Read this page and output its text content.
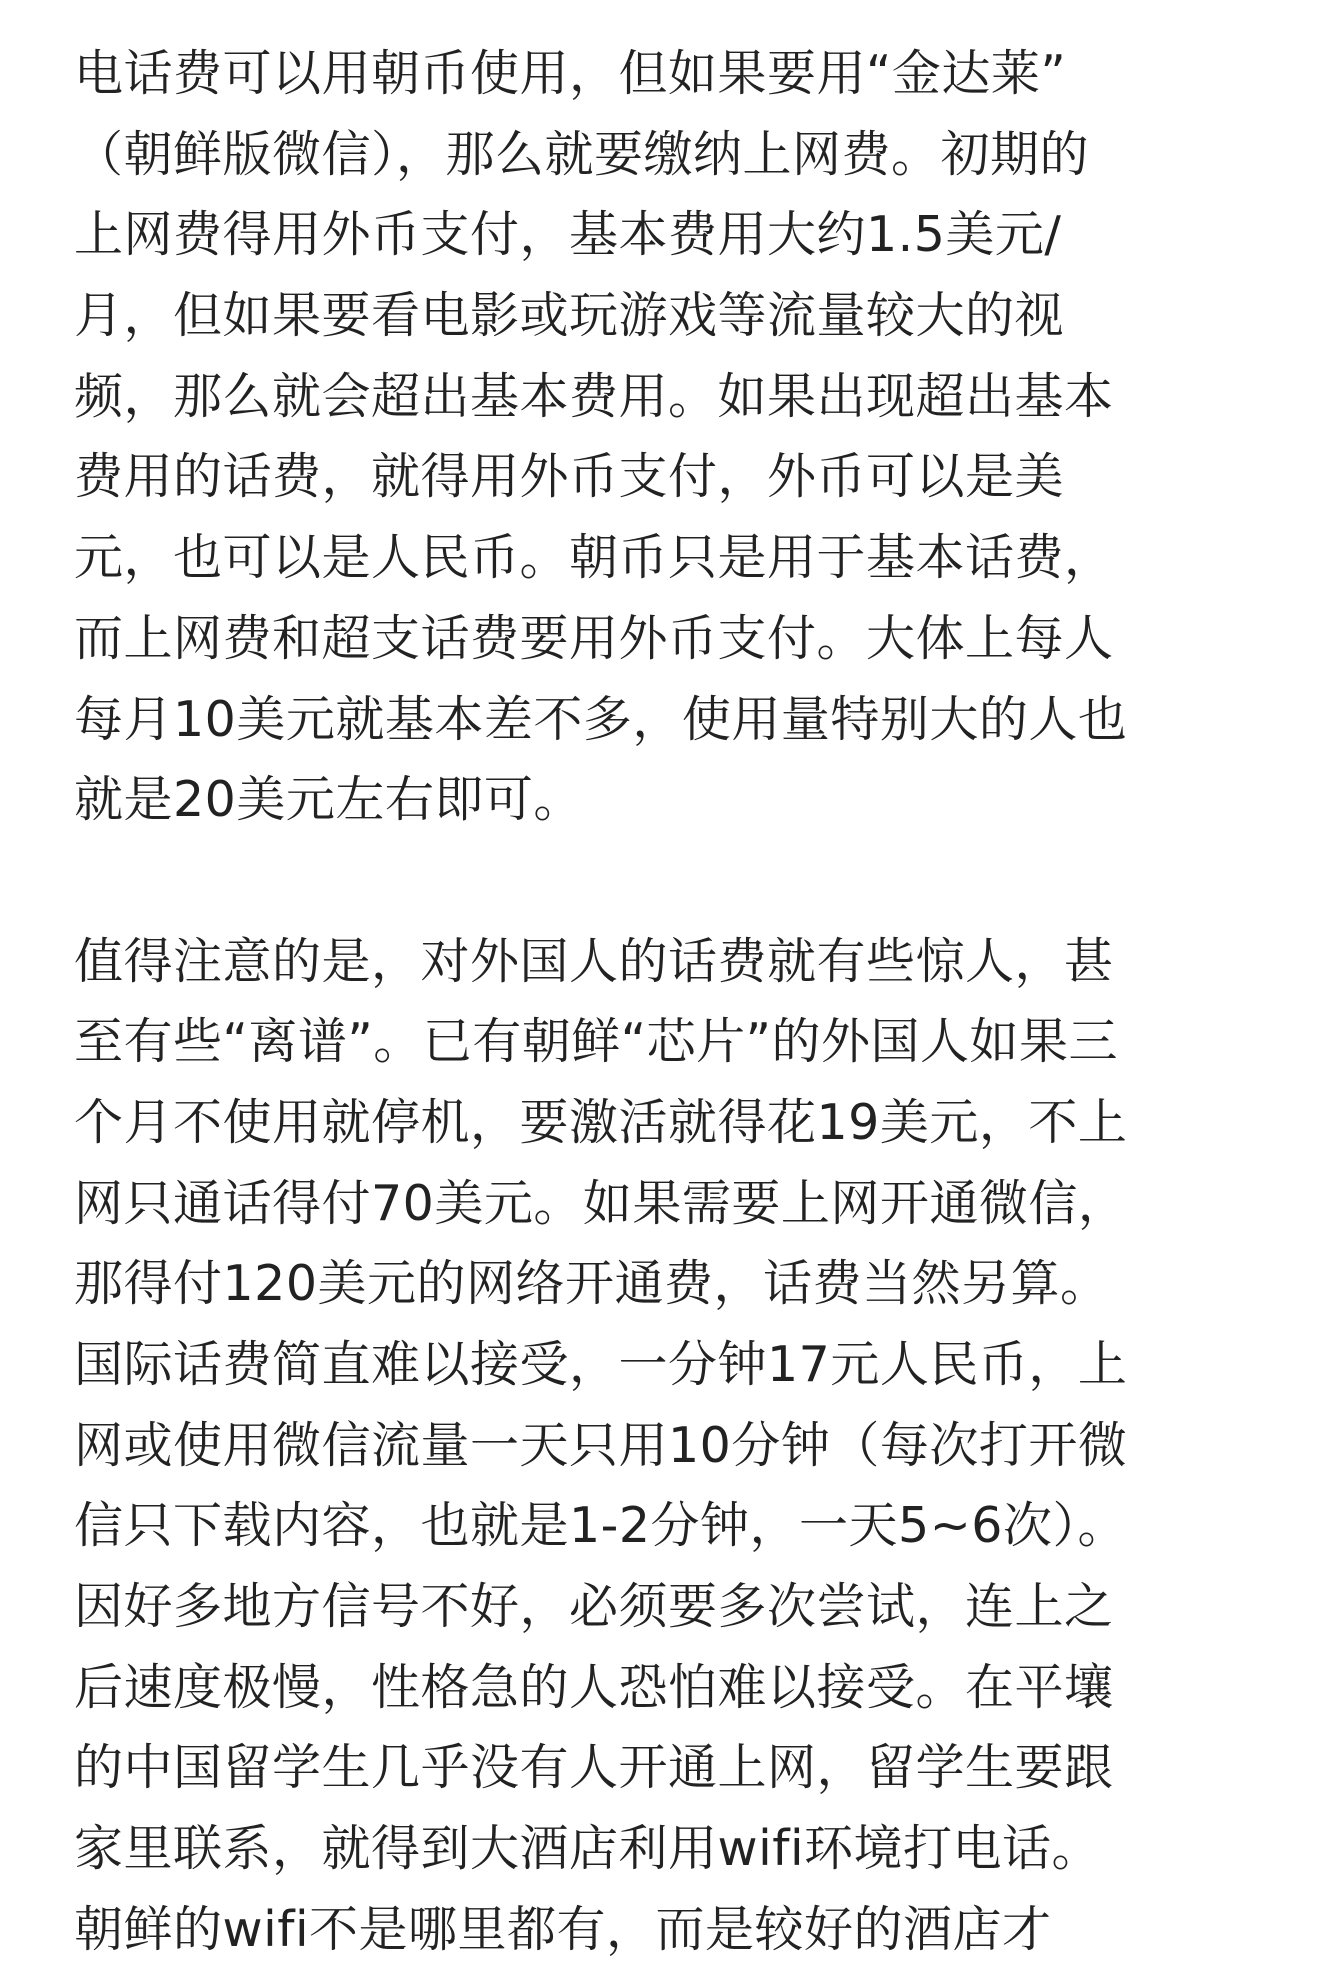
电话费可以用朝币使用，但如果要用“金达莱”
（朝鲜版微信），那么就要缴纳上网费。初期的
上网费得用外币支付，基本费用大约1.5美元/
月，但如果要看电影或玩游戏等流量较大的视
频，那么就会超出基本费用。如果出现超出基本
费用的话费，就得用外币支付，外币可以是美
元，也可以是人民币。朝币只是用于基本话费，
而上网费和超支话费要用外币支付。大体上每人
每月10美元就基本差不多，使用量特别大的人也
就是20美元左右即可。
值得注意的是，对外国人的话费就有些惊人，甚
至有些“离谱”。已有朝鲜“芯片”的外国人如果三
个月不使用就停机，要激活就得花19美元，不上
网只通话得付70美元。如果需要上网开通微信，
那得付120美元的网络开通费，话费当然另算。
国际话费简直难以接受，一分钟17元人民币，上
网或使用微信流量一天只用10分钟（每次打开微
信只下载内容，也就是1-2分钟，一天5~6次）。
因好多地方信号不好，必须要多次尝试，连上之
后速度极慢，性格急的人恐怕难以接受。在平壤
的中国留学生几乎没有人开通上网，留学生要跟
家里联系，就得到大酒店利用wifi环境打电话。
朝鲜的wifi不是哪里都有，而是较好的酒店才
